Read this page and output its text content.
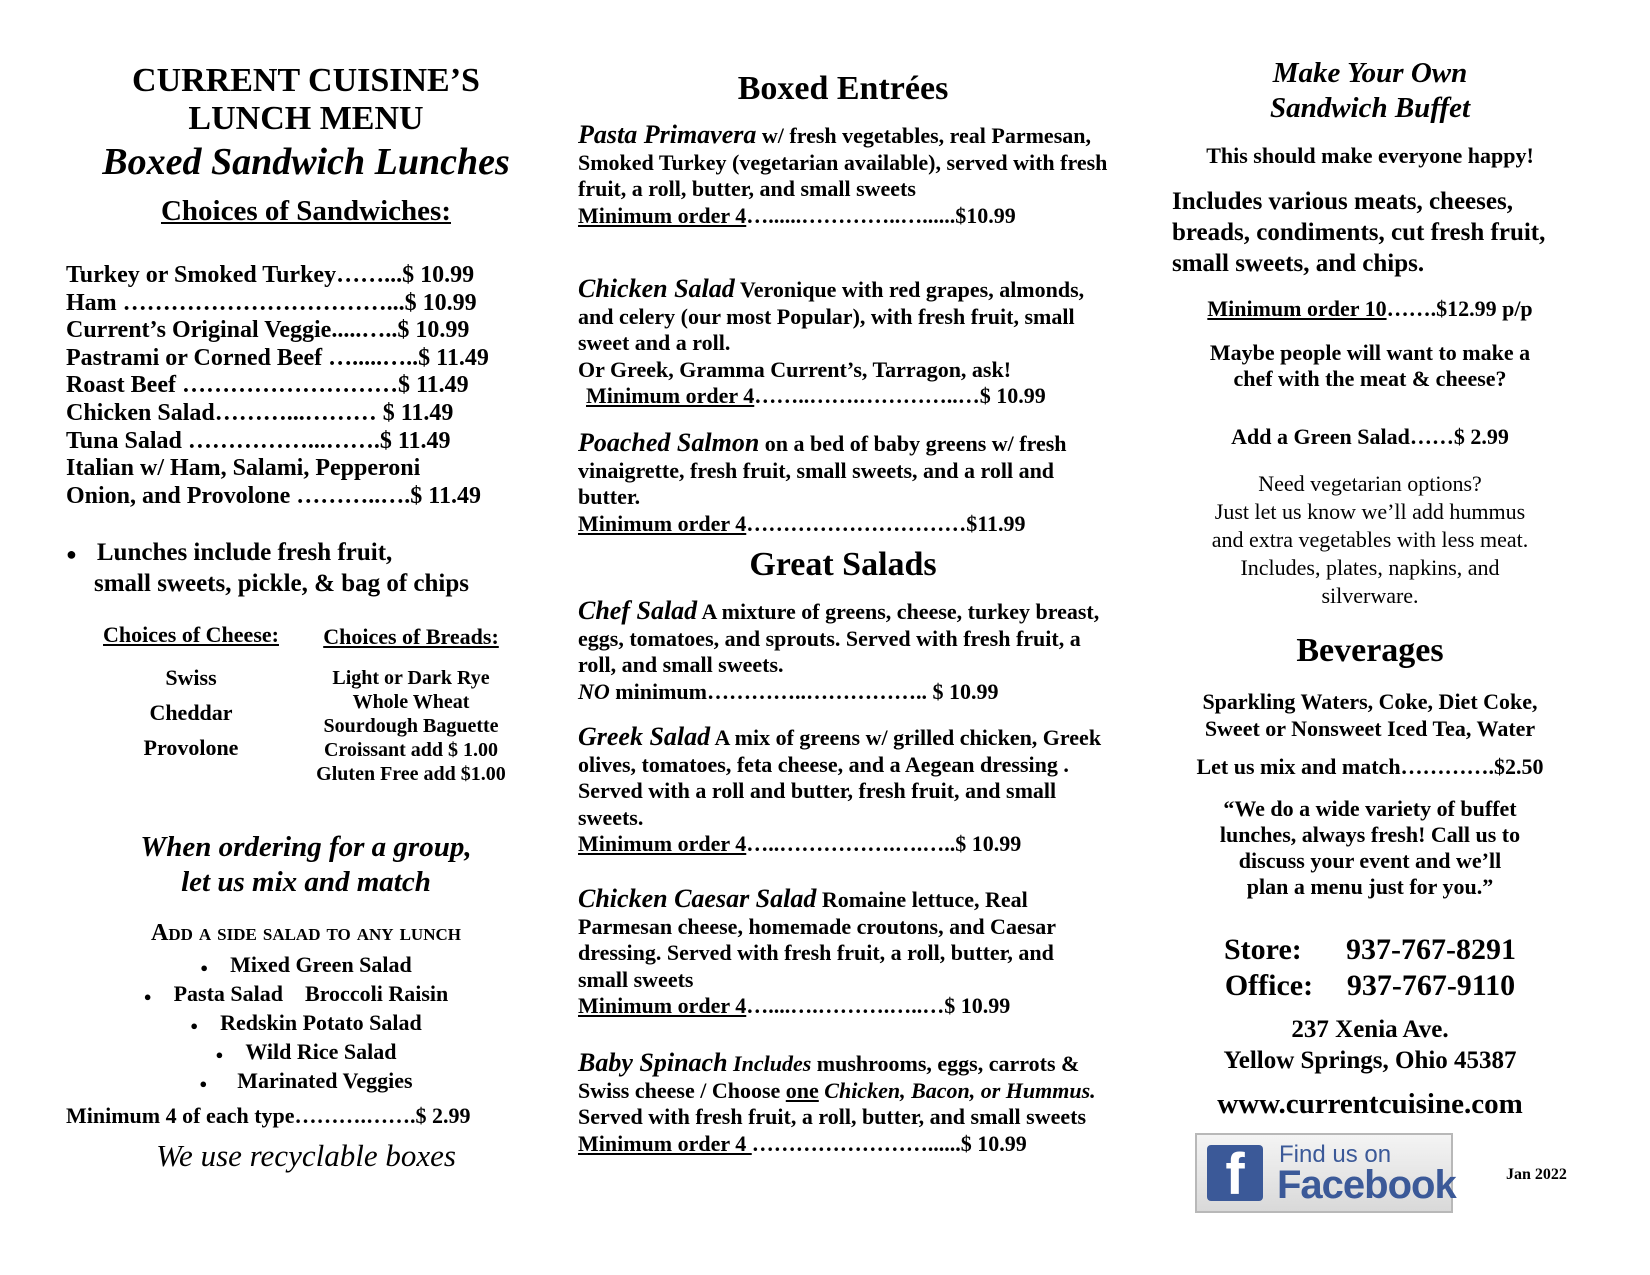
CURRENT CUISINE’S
LUNCH MENU
Boxed Sandwich Lunches
Choices of Sandwiches:
Turkey or Smoked Turkey……...$ 10.99
Ham ……………………………...$ 10.99
Current’s Original Veggie.....…..$ 10.99
Pastrami or Corned Beef ….....…..$ 11.49
Roast Beef ………………………$ 11.49
Chicken Salad………...……… $ 11.49
Tuna Salad ……………...…….$ 11.49
Italian w/ Ham, Salami, Pepperoni
Onion, and Provolone ………..….$ 11.49
● Lunches include fresh fruit,
small sweets, pickle, & bag of chips
Choices of Cheese:
Swiss
Cheddar
Provolone
Choices of Breads:
Light or Dark Rye
Whole Wheat
Sourdough Baguette
Croissant add $ 1.00
Gluten Free add $1.00
When ordering for a group,
let us mix and match
Add a side salad to any lunch
● Mixed Green Salad
● Pasta Salad    Broccoli Raisin
● Redskin Potato Salad
● Wild Rice Salad
● Marinated Veggies
Minimum 4 of each type……….…….$ 2.99
We use recyclable boxes
Boxed Entrées
Pasta Primavera w/ fresh vegetables, real Parmesan, Smoked Turkey (vegetarian available), served with fresh fruit, a roll, butter, and small sweets
Minimum order 4…......…………..…......$10.99
Chicken Salad Veronique with red grapes, almonds, and celery (our most Popular), with fresh fruit, small sweet and a roll.
Or Greek, Gramma Current’s, Tarragon, ask!
Minimum order 4……..…….…………..…$ 10.99
Poached Salmon on a bed of baby greens w/ fresh vinaigrette, fresh fruit, small sweets, and a roll and butter.
Minimum order 4…………………………$11.99
Great Salads
Chef Salad A mixture of greens, cheese, turkey breast, eggs, tomatoes, and sprouts. Served with fresh fruit, a roll, and small sweets.
NO minimum…………..…………….. $ 10.99
Greek Salad A mix of greens w/ grilled chicken, Greek olives, tomatoes, feta cheese, and a Aegean dressing . Served with a roll and butter, fresh fruit, and small sweets.
Minimum order 4…..…………….….…..$ 10.99
Chicken Caesar Salad Romaine lettuce, Real Parmesan cheese, homemade croutons, and Caesar dressing. Served with fresh fruit, a roll, butter, and small sweets
Minimum order 4…....….……….…..…$ 10.99
Baby Spinach Includes mushrooms, eggs, carrots & Swiss cheese / Choose one Chicken, Bacon, or Hummus. Served with fresh fruit, a roll, butter, and small sweets
Minimum order 4 ……………………......$ 10.99
Make Your Own
Sandwich Buffet
This should make everyone happy!
Includes various meats, cheeses, breads, condiments, cut fresh fruit, small sweets, and chips.
Minimum order 10…….$12.99 p/p
Maybe people will want to make a
chef with the meat & cheese?
Add a Green Salad……$ 2.99
Need vegetarian options?
Just let us know we’ll add hummus
and extra vegetables with less meat.
Includes, plates, napkins, and
silverware.
Beverages
Sparkling Waters, Coke, Diet Coke,
Sweet or Nonsweet Iced Tea, Water
Let us mix and match………….$2.50
“We do a wide variety of buffet
lunches, always fresh! Call us to
discuss your event and we’ll
plan a menu just for you.”
Store: 937-767-8291
Office: 937-767-9110
237 Xenia Ave.
Yellow Springs, Ohio 45387
www.currentcuisine.com
f	Find us on
Facebook	Jan 2022
